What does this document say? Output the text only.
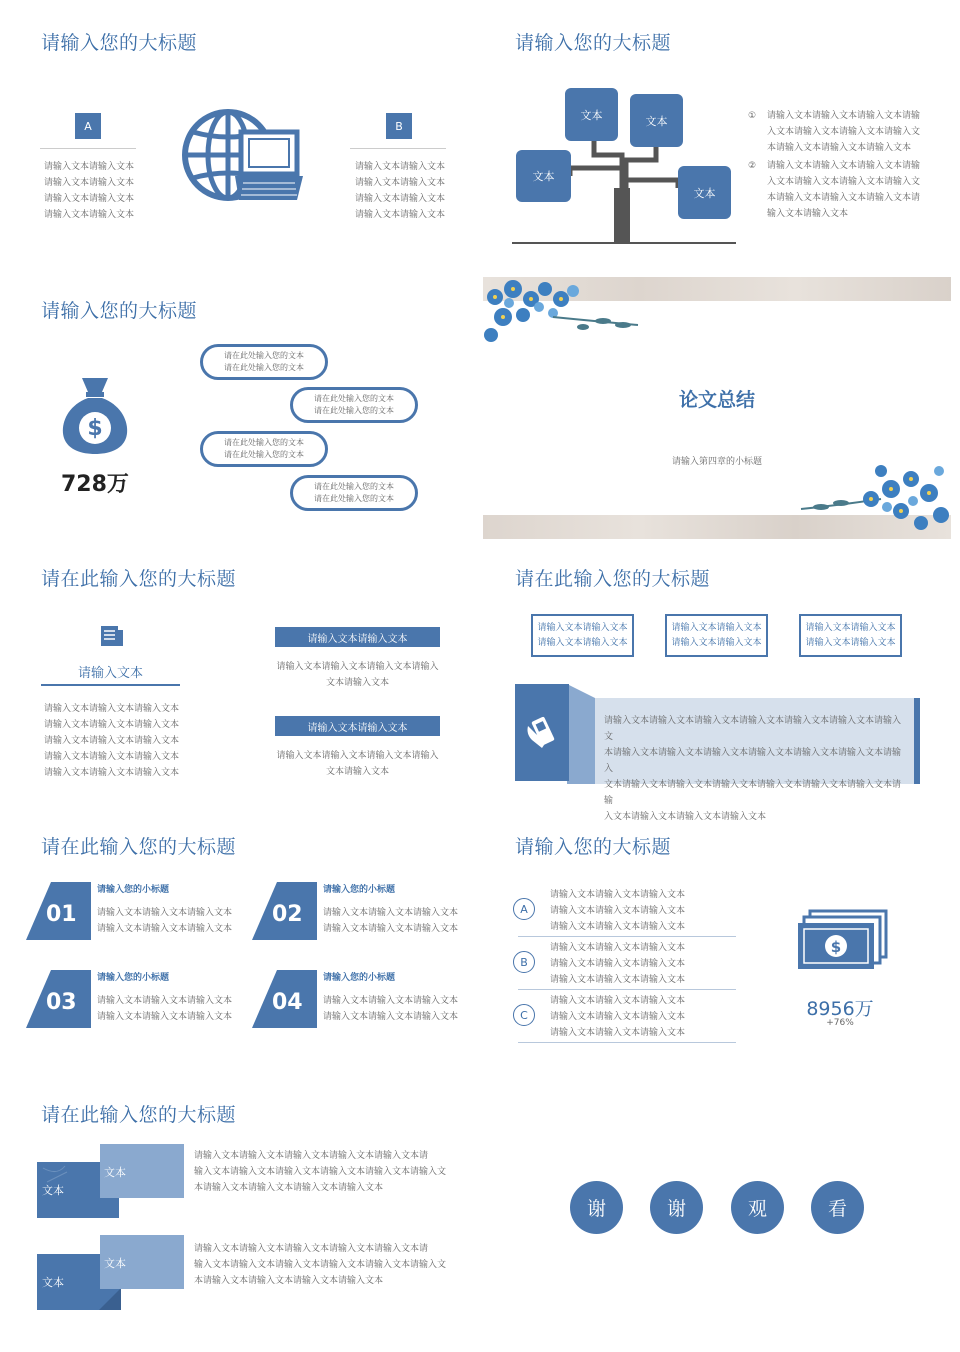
请输入您的大标题
A
请输入文本请输入文本
请输入文本请输入文本
请输入文本请输入文本
请输入文本请输入文本
B
请输入文本请输入文本
请输入文本请输入文本
请输入文本请输入文本
请输入文本请输入文本
请输入您的大标题
文本	文本
文本
文本
①	请输入文本请输入文本请输入文本请输
入文本请输入文本请输入文本请输入文
本请输入文本请输入文本请输入文本
②	请输入文本请输入文本请输入文本请输
入文本请输入文本请输入文本请输入文
本请输入文本请输入文本请输入文本请
输入文本请输入文本
请输入您的大标题
$
728万
请在此处输入您的文本
请在此处输入您的文本
请在此处输入您的文本
请在此处输入您的文本
请在此处输入您的文本
请在此处输入您的文本
请在此处输入您的文本
请在此处输入您的文本
论文总结
请输入第四章的小标题
请在此输入您的大标题
请输入文本
请输入文本请输入文本请输入文本
请输入文本请输入文本请输入文本
请输入文本请输入文本请输入文本
请输入文本请输入文本请输入文本
请输入文本请输入文本请输入文本
请输入文本请输入文本
请输入文本请输入文本请输入文本请输入
文本请输入文本
请输入文本请输入文本
请输入文本请输入文本请输入文本请输入
文本请输入文本
请在此输入您的大标题
请输入文本请输入文本
请输入文本请输入文本
请输入文本请输入文本
请输入文本请输入文本
请输入文本请输入文本
请输入文本请输入文本
请输入文本请输入文本请输入文本请输入文本请输入文本请输入文本请输入文
本请输入文本请输入文本请输入文本请输入文本请输入文本请输入文本请输入
文本请输入文本请输入文本请输入文本请输入文本请输入文本请输入文本请输
入文本请输入文本请输入文本请输入文本
请在此输入您的大标题
01
请输入您的小标题
请输入文本请输入文本请输入文本
请输入文本请输入文本请输入文本
02
请输入您的小标题
请输入文本请输入文本请输入文本
请输入文本请输入文本请输入文本
03
请输入您的小标题
请输入文本请输入文本请输入文本
请输入文本请输入文本请输入文本
04
请输入您的小标题
请输入文本请输入文本请输入文本
请输入文本请输入文本请输入文本
请输入您的大标题
A
请输入文本请输入文本请输入文本
请输入文本请输入文本请输入文本
请输入文本请输入文本请输入文本
B
请输入文本请输入文本请输入文本
请输入文本请输入文本请输入文本
请输入文本请输入文本请输入文本
C
请输入文本请输入文本请输入文本
请输入文本请输入文本请输入文本
请输入文本请输入文本请输入文本
$
8956万
+76%
请在此输入您的大标题
文本
文本
请输入文本请输入文本请输入文本请输入文本请输入文本请
输入文本请输入文本请输入文本请输入文本请输入文本请输入文
本请输入文本请输入文本请输入文本请输入文本
文本
文本
请输入文本请输入文本请输入文本请输入文本请输入文本请
输入文本请输入文本请输入文本请输入文本请输入文本请输入文
本请输入文本请输入文本请输入文本请输入文本
谢	谢	观	看
